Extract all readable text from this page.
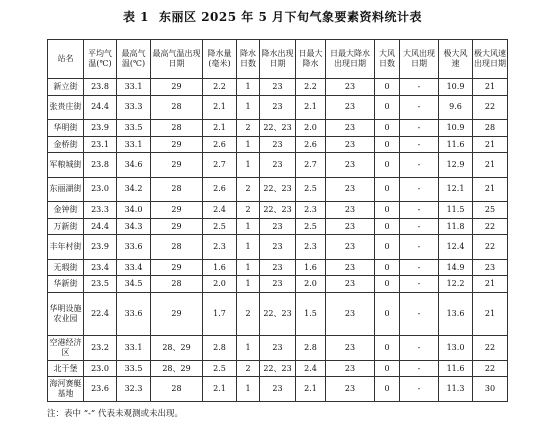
表 1 东丽区 2025 年 5 月下旬气象要素资料统计表
站名	平均气温(℃)	最高气温(℃)	最高气温出现日期	降水量(毫米)	降水日数	降水出现日期	日最大降水	日最大降水出现日期	大风日数	大风出现日期	极大风速	极大风速出现日期
新立街	23.8	33.1	29	2.2	1	23	2.2	23	0	-	10.9	21
张贵庄街	24.4	33.3	28	2.1	1	23	2.1	23	0	-	9.6	22
华明街	23.9	33.5	28	2.1	2	22、23	2.0	23	0	-	10.9	28
金桥街	23.1	33.1	29	2.6	1	23	2.6	23	0	-	11.6	21
军粮城街	23.8	34.6	29	2.7	1	23	2.7	23	0	-	12.9	21
东丽湖街	23.0	34.2	28	2.6	2	22、23	2.5	23	0	-	12.1	21
金钟街	23.3	34.0	29	2.4	2	22、23	2.3	23	0	-	11.5	25
万新街	24.4	34.3	29	2.5	1	23	2.5	23	0	-	11.8	22
丰年村街	23.9	33.6	28	2.3	1	23	2.3	23	0	-	12.4	22
无瑕街	23.4	33.4	29	1.6	1	23	1.6	23	0	-	14.9	23
华新街	23.5	34.5	28	2.0	1	23	2.0	23	0	-	12.2	21
华明设施农业园	22.4	33.6	29	1.7	2	22、23	1.5	23	0	-	13.6	21
空港经济区	23.2	33.1	28、29	2.8	1	23	2.8	23	0	-	13.0	22
北于堡	23.0	33.5	28、29	2.5	2	22、23	2.4	23	0	-	11.6	22
海河赛艇基地	23.6	32.3	28	2.1	1	23	2.1	23	0	-	11.3	30
注：表中 “-” 代表未观测或未出现。
